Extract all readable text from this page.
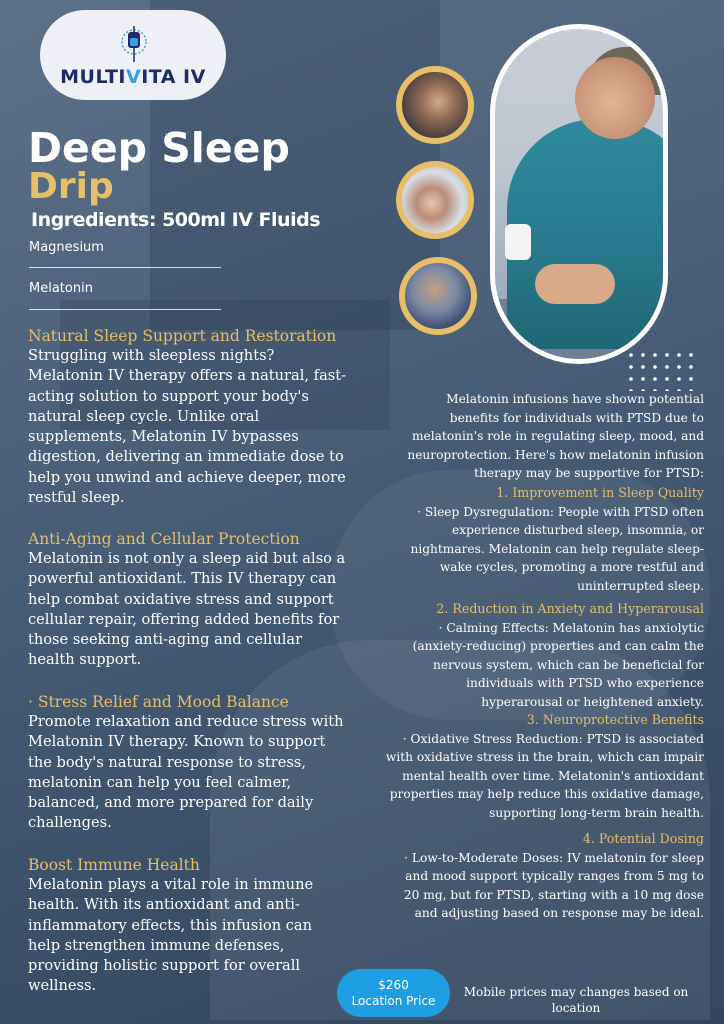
MULTIVITA IV
Deep Sleep
Drip
Ingredients: 500ml IV Fluids
Magnesium
Melatonin
Natural Sleep Support and Restoration
Struggling with sleepless nights?
Melatonin IV therapy offers a natural, fast-
acting solution to support your body's
natural sleep cycle. Unlike oral
supplements, Melatonin IV bypasses
digestion, delivering an immediate dose to
help you unwind and achieve deeper, more
restful sleep.
Anti-Aging and Cellular Protection
Melatonin is not only a sleep aid but also a
powerful antioxidant. This IV therapy can
help combat oxidative stress and support
cellular repair, offering added benefits for
those seeking anti-aging and cellular
health support.
· Stress Relief and Mood Balance
Promote relaxation and reduce stress with
Melatonin IV therapy. Known to support
the body's natural response to stress,
melatonin can help you feel calmer,
balanced, and more prepared for daily
challenges.
Boost Immune Health
Melatonin plays a vital role in immune
health. With its antioxidant and anti-
inflammatory effects, this infusion can
help strengthen immune defenses,
providing holistic support for overall
wellness.
Melatonin infusions have shown potential
benefits for individuals with PTSD due to
melatonin's role in regulating sleep, mood, and
neuroprotection. Here's how melatonin infusion
therapy may be supportive for PTSD:
1. Improvement in Sleep Quality
· Sleep Dysregulation: People with PTSD often
experience disturbed sleep, insomnia, or
nightmares. Melatonin can help regulate sleep-
wake cycles, promoting a more restful and
uninterrupted sleep.
2. Reduction in Anxiety and Hyperarousal
· Calming Effects: Melatonin has anxiolytic
(anxiety-reducing) properties and can calm the
nervous system, which can be beneficial for
individuals with PTSD who experience
hyperarousal or heightened anxiety.
3. Neuroprotective Benefits
· Oxidative Stress Reduction: PTSD is associated
with oxidative stress in the brain, which can impair
mental health over time. Melatonin's antioxidant
properties may help reduce this oxidative damage,
supporting long-term brain health.
4. Potential Dosing
· Low-to-Moderate Doses: IV melatonin for sleep
and mood support typically ranges from 5 mg to
20 mg, but for PTSD, starting with a 10 mg dose
and adjusting based on response may be ideal.
$260
Location Price
Mobile prices may changes based on location
